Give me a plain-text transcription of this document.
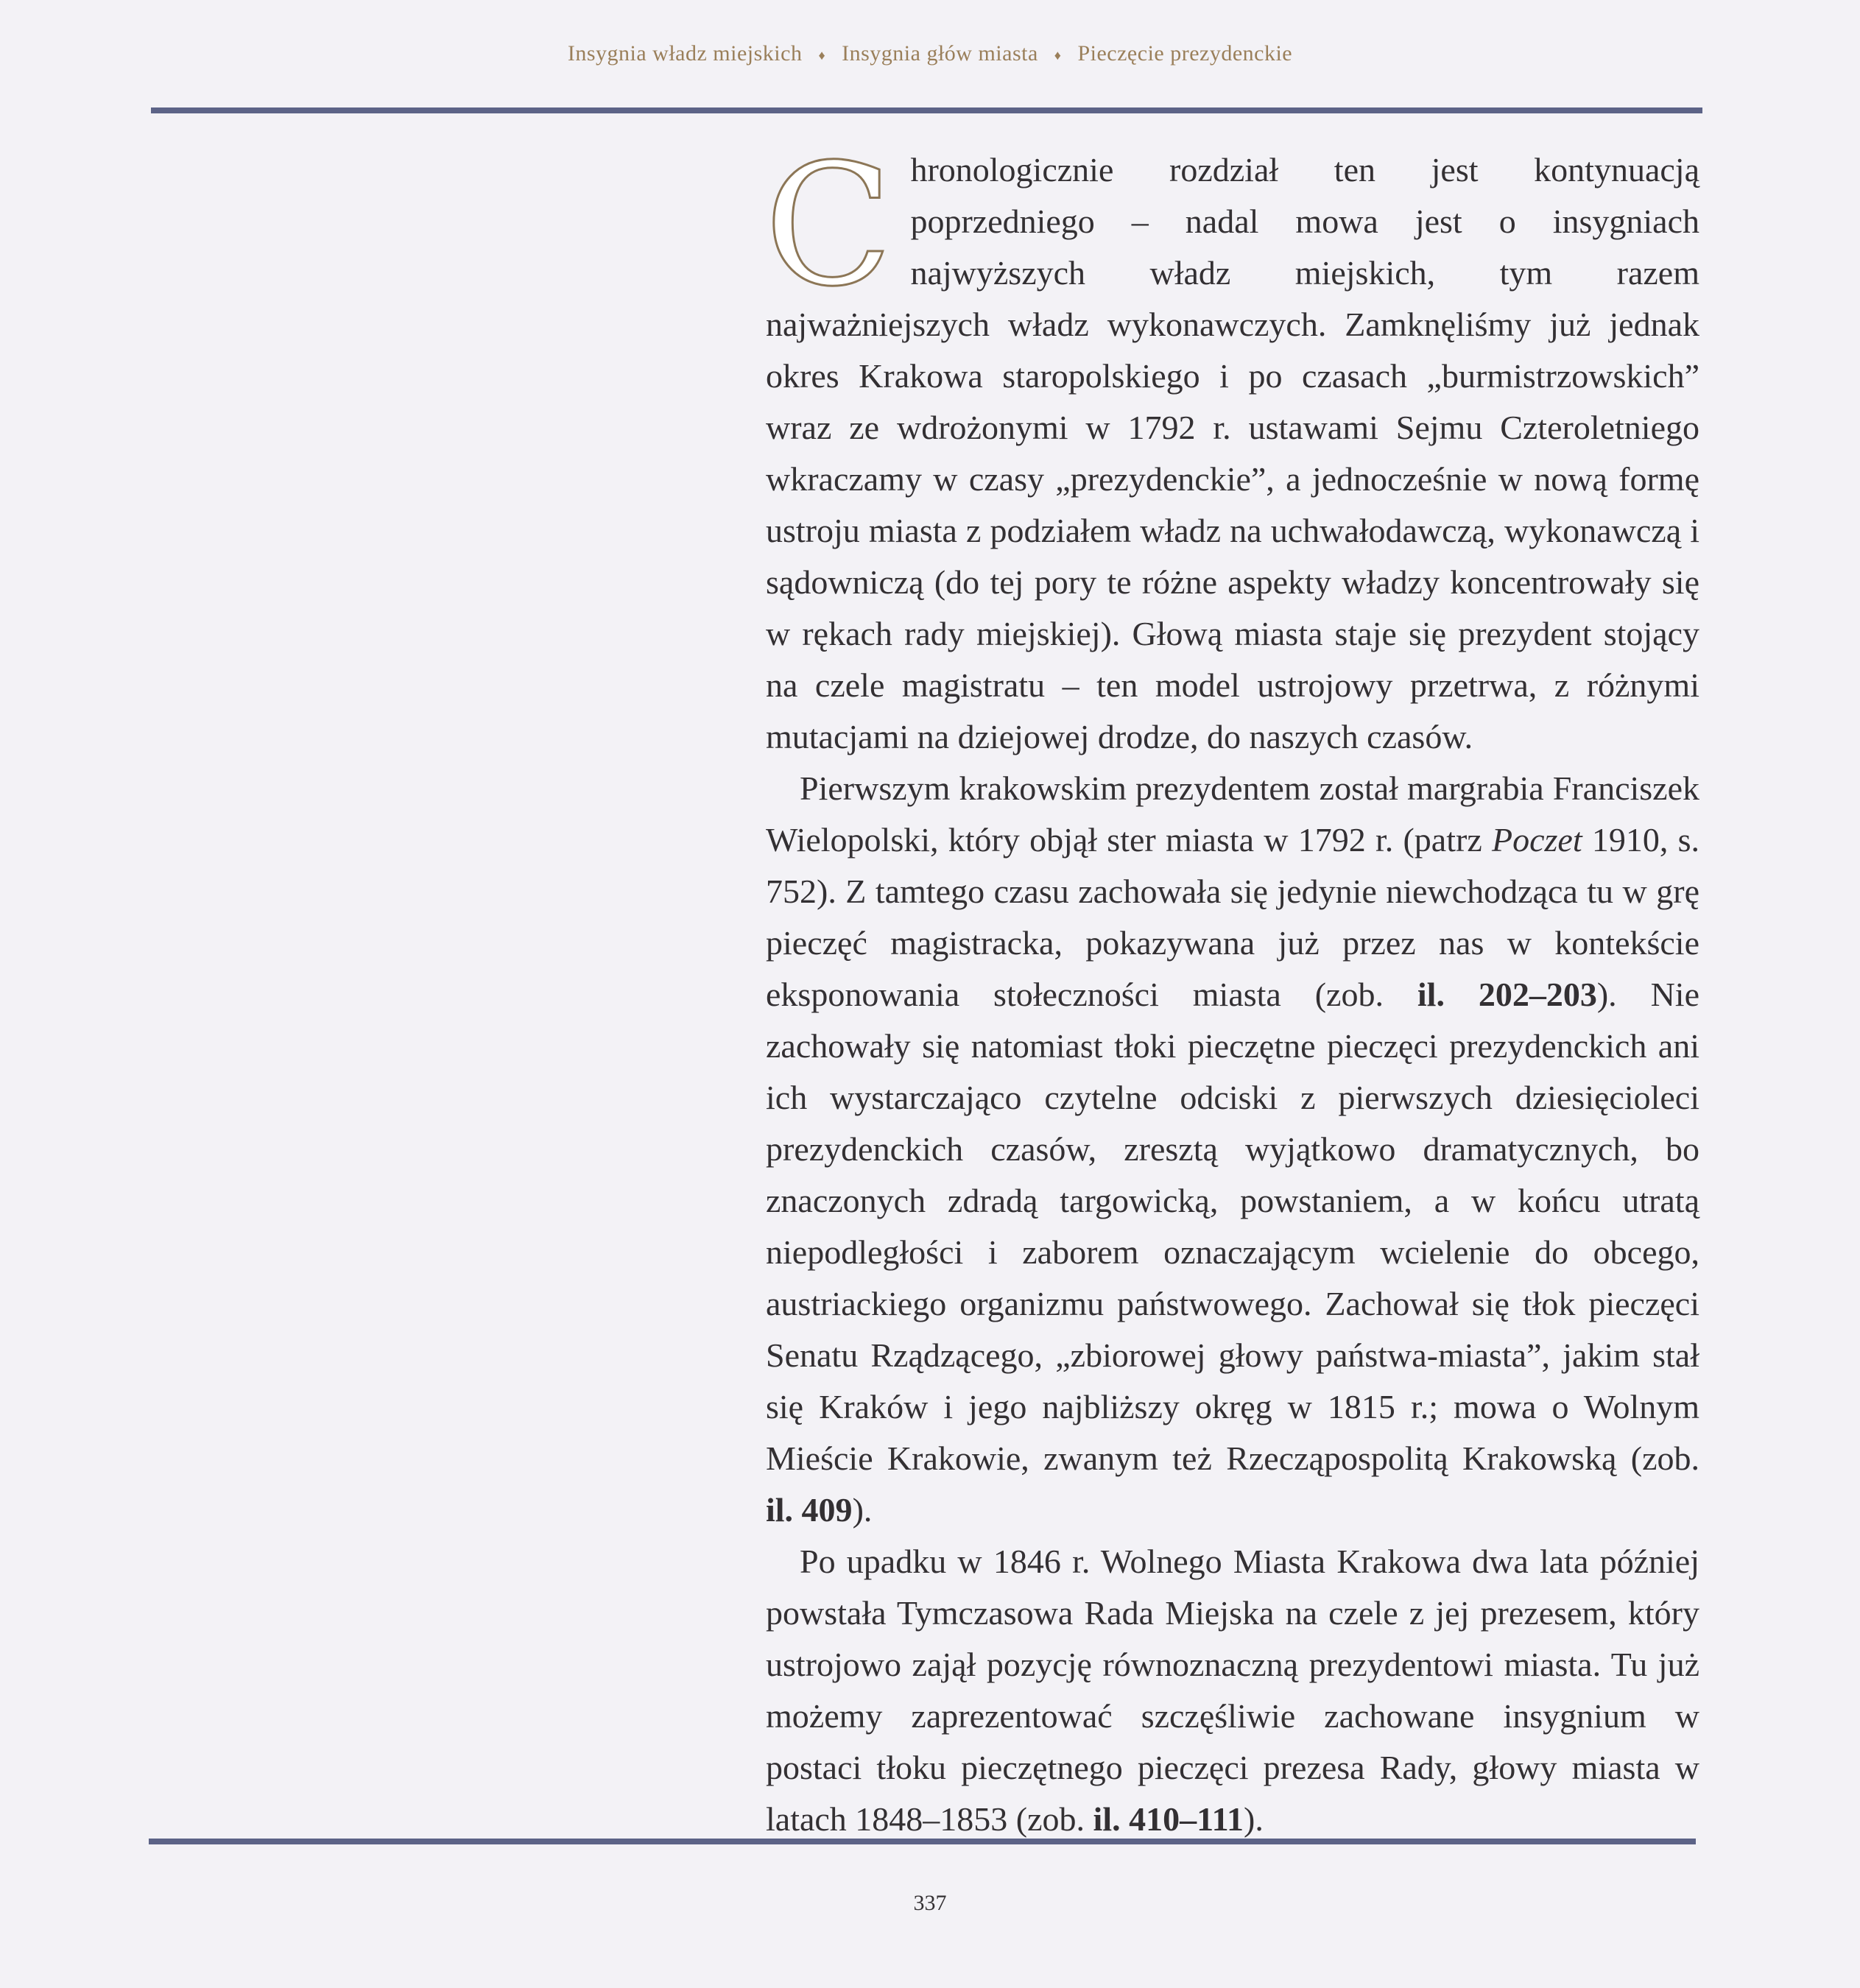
Insygnia władz miejskich ♦ Insygnia głów miasta ♦ Pieczęcie prezydenckie

Chronologicznie rozdział ten jest kontynuacją poprzedniego – nadal mowa jest o insygniach najwyższych władz miejskich, tym razem najważniejszych władz wykonawczych. Zamknęliśmy już jednak okres Krakowa staropolskiego i po czasach „burmistrzowskich” wraz ze wdrożonymi w 1792 r. ustawami Sejmu Czteroletniego wkraczamy w czasy „prezydenckie”, a jednocześnie w nową formę ustroju miasta z podziałem władz na uchwałodawczą, wykonawczą i sądowniczą (do tej pory te różne aspekty władzy koncentrowały się w rękach rady miejskiej). Głową miasta staje się prezydent stojący na czele magistratu – ten model ustrojowy przetrwa, z różnymi mutacjami na dziejowej drodze, do naszych czasów.

Pierwszym krakowskim prezydentem został margrabia Franciszek Wielopolski, który objął ster miasta w 1792 r. (patrz Poczet 1910, s. 752). Z tamtego czasu zachowała się jedynie niewchodząca tu w grę pieczęć magistracka, pokazywana już przez nas w kontekście eksponowania stołeczności miasta (zob. il. 202–203). Nie zachowały się natomiast tłoki pieczętne pieczęci prezydenckich ani ich wystarczająco czytelne odciski z pierwszych dziesięcioleci prezydenckich czasów, zresztą wyjątkowo dramatycznych, bo znaczonych zdradą targowicką, powstaniem, a w końcu utratą niepodległości i zaborem oznaczającym wcielenie do obcego, austriackiego organizmu państwowego. Zachował się tłok pieczęci Senatu Rządzącego, „zbiorowej głowy państwa-miasta”, jakim stał się Kraków i jego najbliższy okręg w 1815 r.; mowa o Wolnym Mieście Krakowie, zwanym też Rzecząpospolitą Krakowską (zob. il. 409).

Po upadku w 1846 r. Wolnego Miasta Krakowa dwa lata później powstała Tymczasowa Rada Miejska na czele z jej prezesem, który ustrojowo zajął pozycję równoznaczną prezydentowi miasta. Tu już możemy zaprezentować szczęśliwie zachowane insygnium w postaci tłoku pieczętnego pieczęci prezesa Rady, głowy miasta w latach 1848–1853 (zob. il. 410–111).

337
